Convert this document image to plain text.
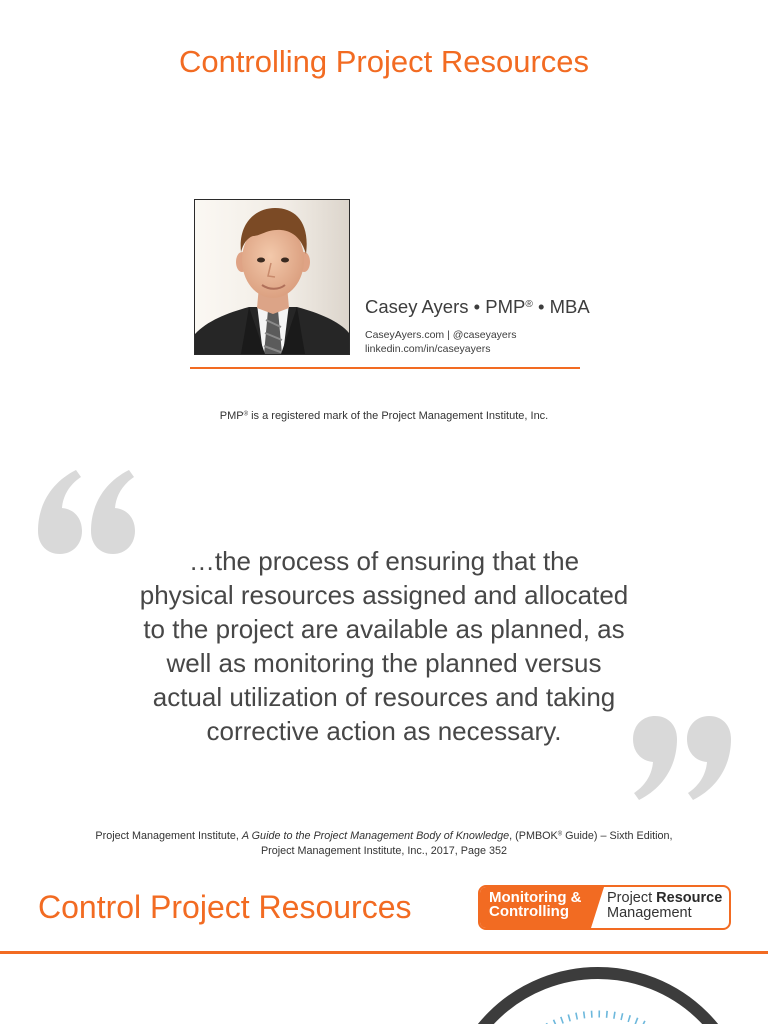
Controlling Project Resources
Casey Ayers • PMP® • MBA
CaseyAyers.com | @caseyayers
linkedin.com/in/caseyayers
PMP® is a registered mark of the Project Management Institute, Inc.
…the process of ensuring that the
physical resources assigned and allocated
to the project are available as planned, as
well as monitoring the planned versus
actual utilization of resources and taking
corrective action as necessary.
Project Management Institute, A Guide to the Project Management Body of Knowledge, (PMBOK® Guide) – Sixth Edition,
Project Management Institute, Inc., 2017, Page 352
Control Project Resources	Monitoring &
Controlling
Project Resource
Management
